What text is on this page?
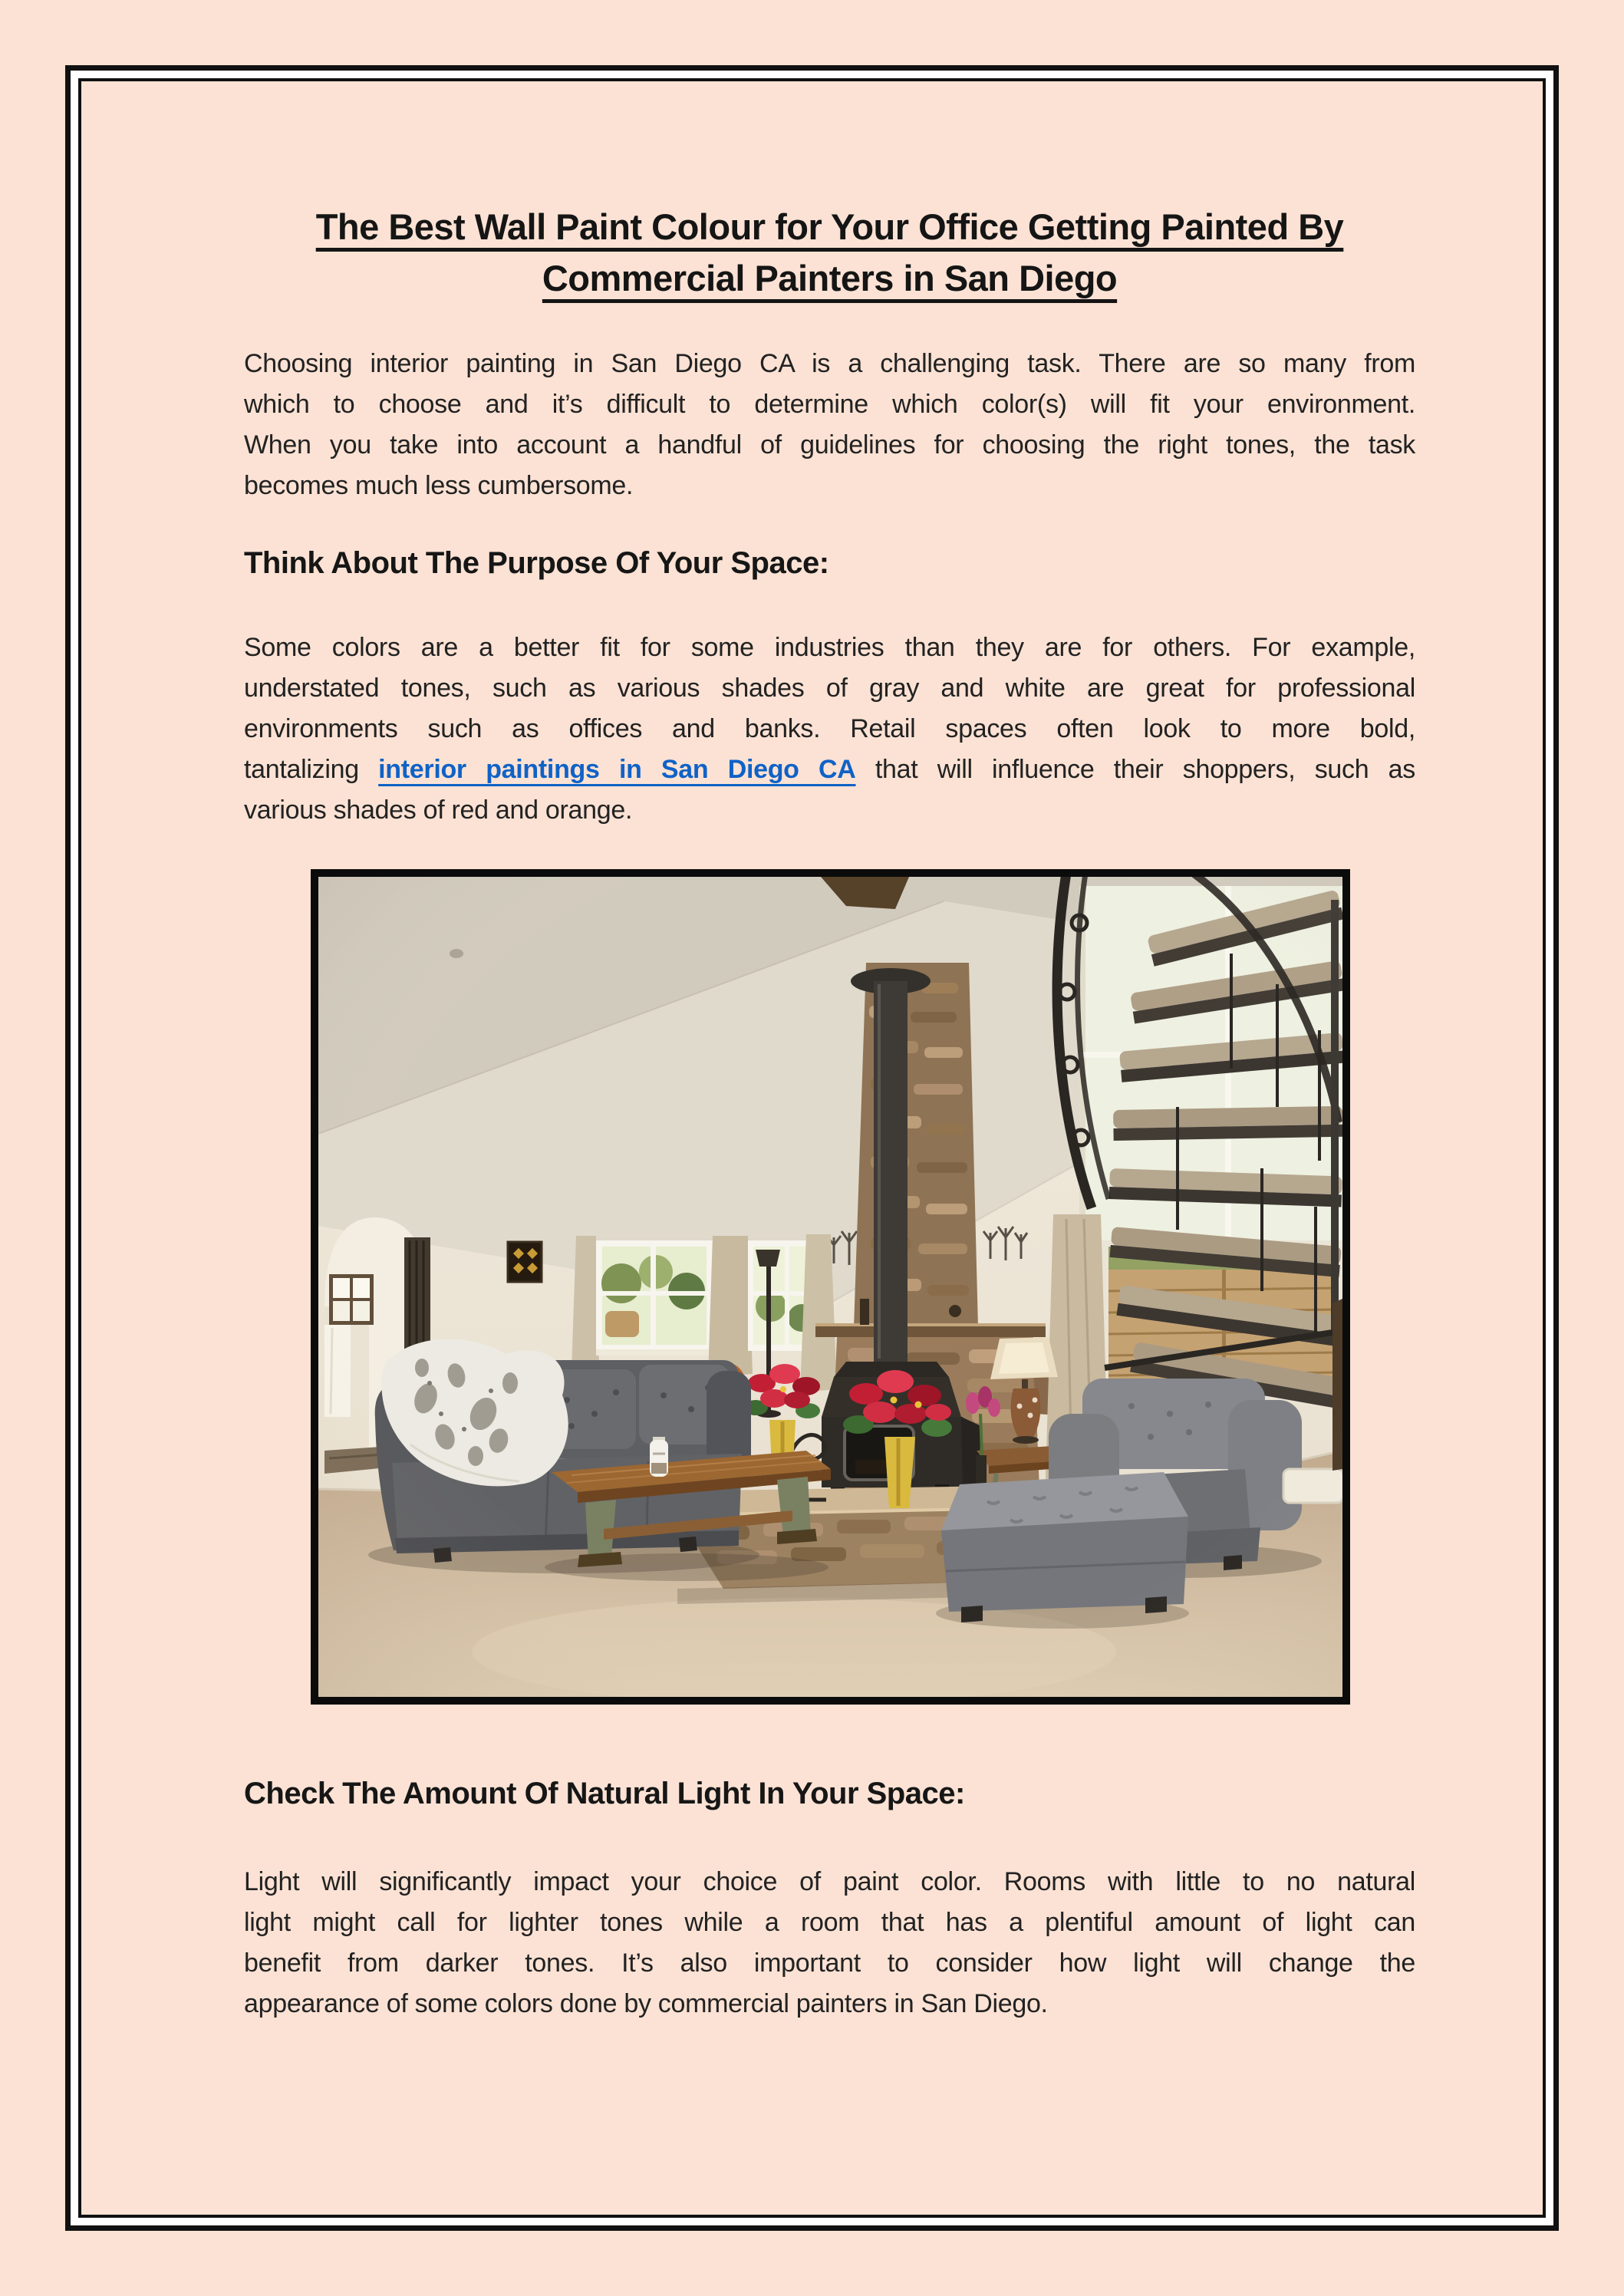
The Best Wall Paint Colour for Your Office Getting Painted By
Commercial Painters in San Diego

Choosing interior painting in San Diego CA is a challenging task. There are so many from
which to choose and it’s difficult to determine which color(s) will fit your environment.
When you take into account a handful of guidelines for choosing the right tones, the task
becomes much less cumbersome.

Think About The Purpose Of Your Space:

Some colors are a better fit for some industries than they are for others. For example,
understated tones, such as various shades of gray and white are great for professional
environments such as offices and banks. Retail spaces often look to more bold,
tantalizing interior paintings in San Diego CA that will influence their shoppers, such as
various shades of red and orange.

Check The Amount Of Natural Light In Your Space:

Light will significantly impact your choice of paint color. Rooms with little to no natural
light might call for lighter tones while a room that has a plentiful amount of light can
benefit from darker tones. It’s also important to consider how light will change the
appearance of some colors done by commercial painters in San Diego.
